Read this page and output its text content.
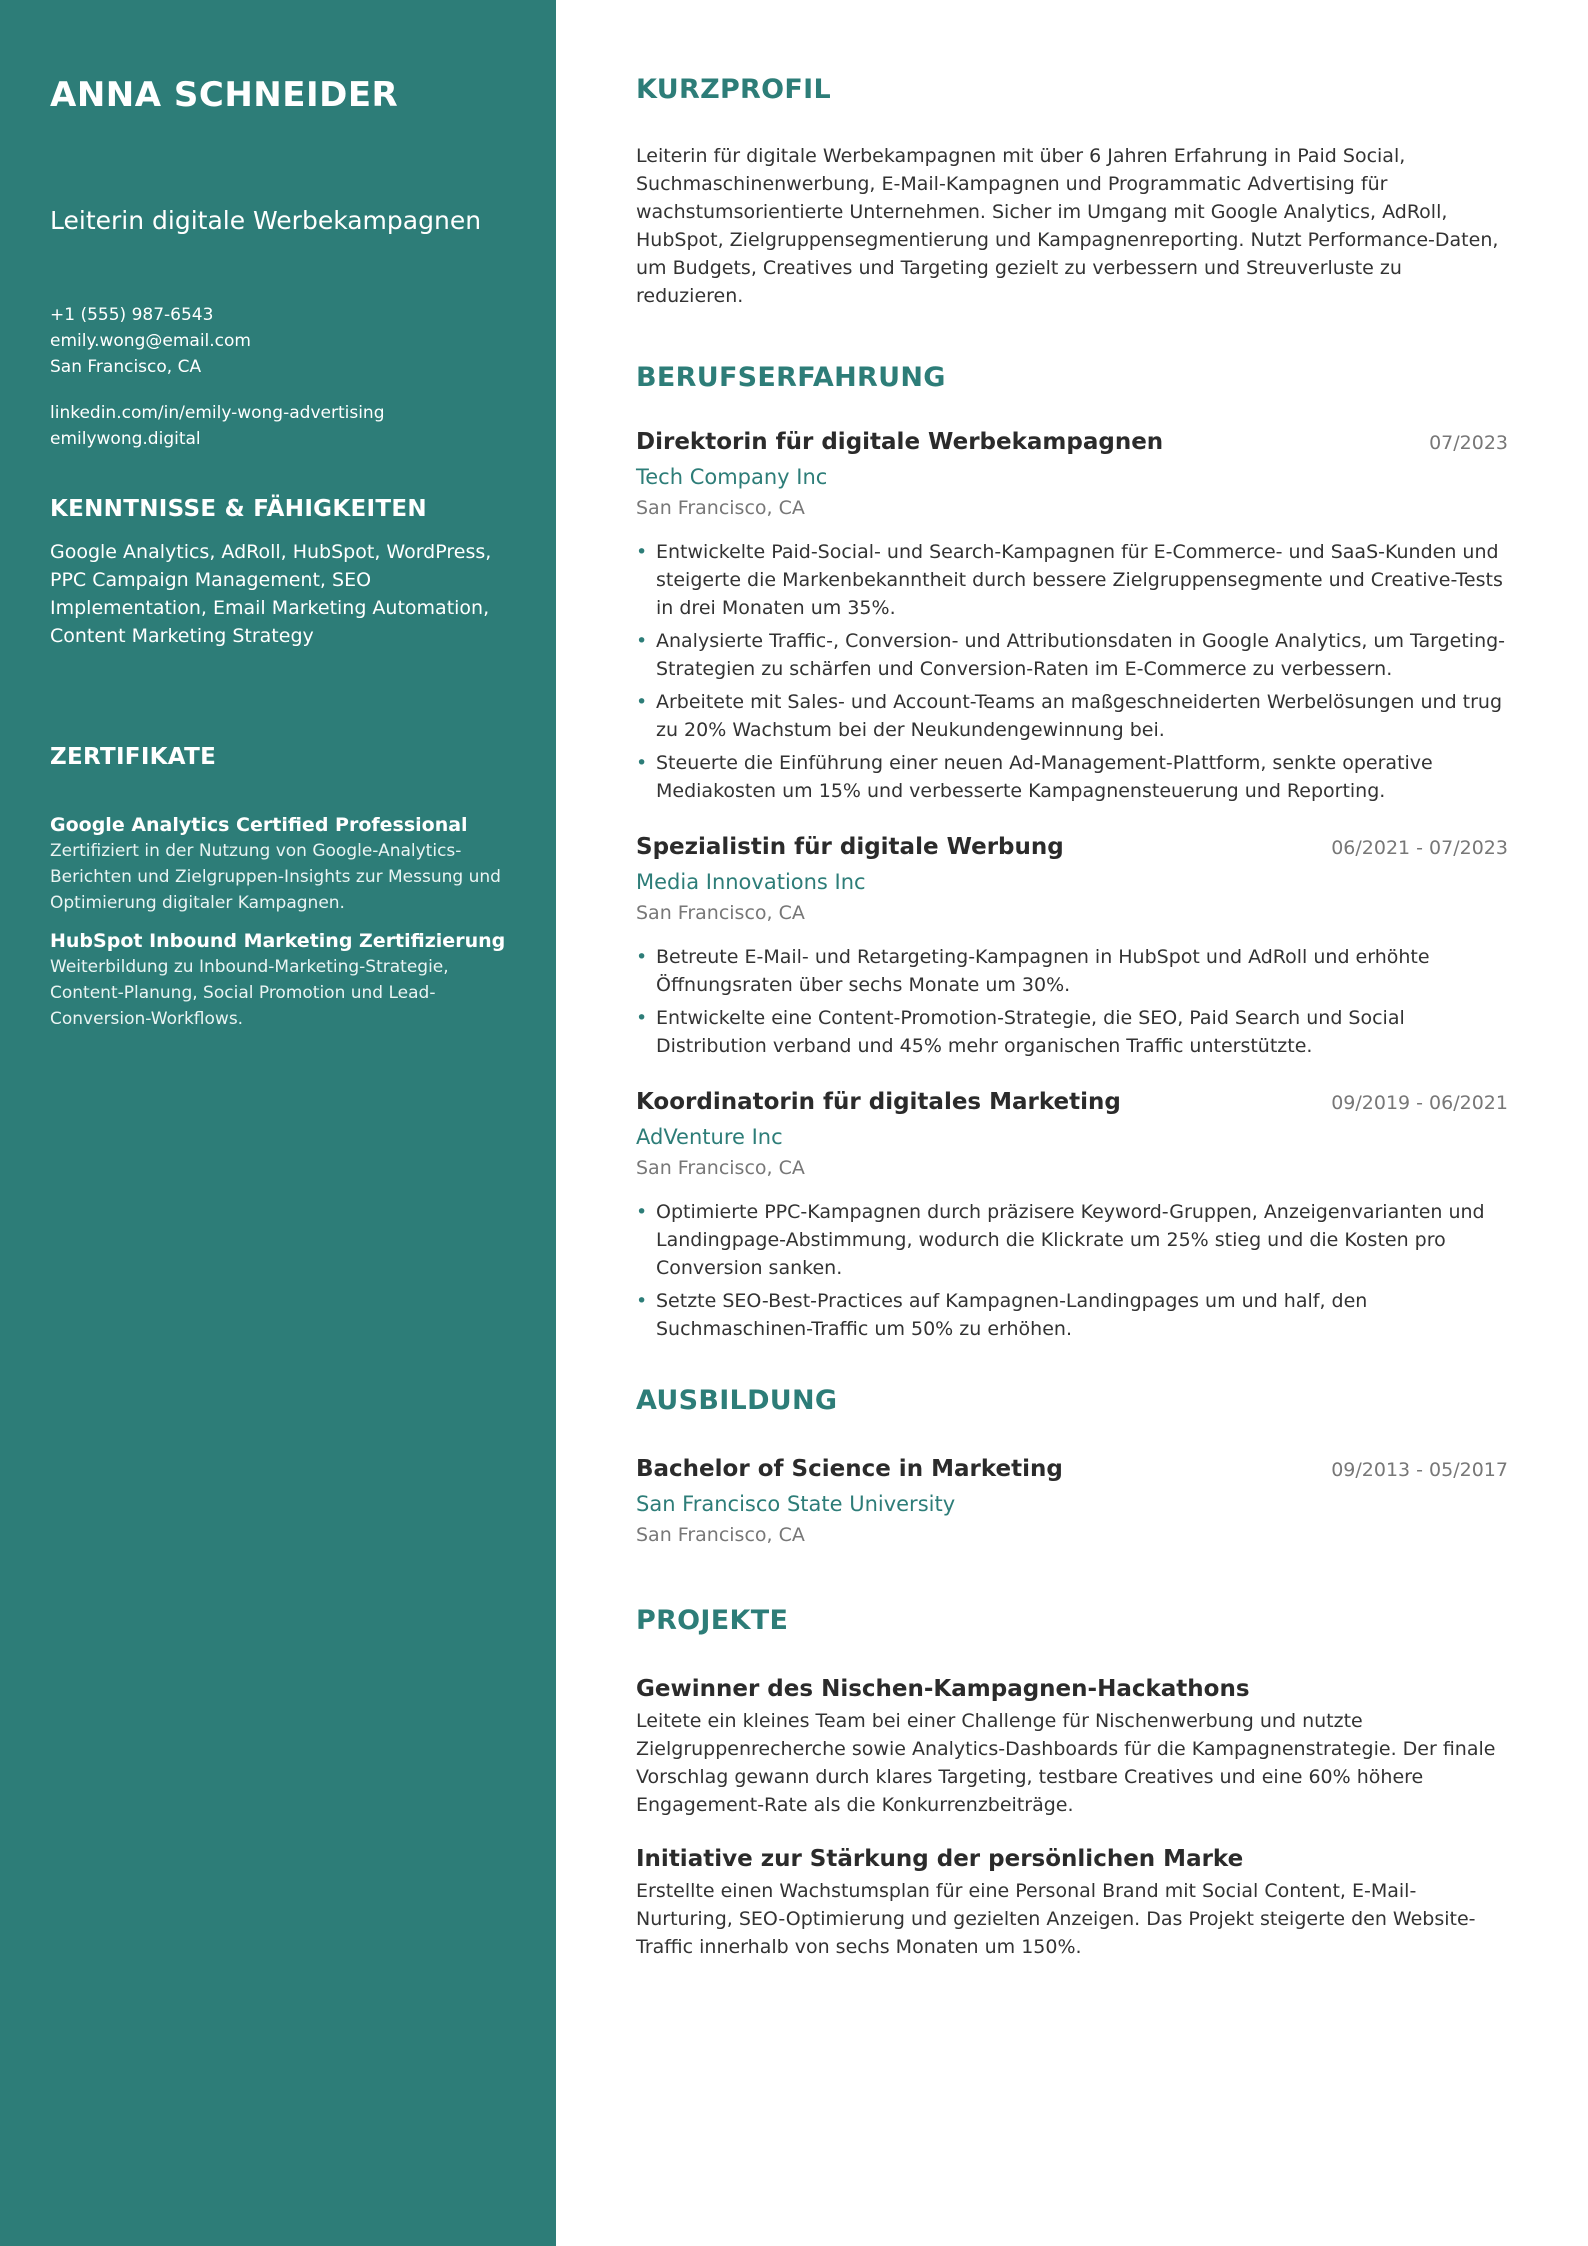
ANNA SCHNEIDER
Leiterin digitale Werbekampagnen
+1 (555) 987-6543
emily.wong@email.com
San Francisco, CA
linkedin.com/in/emily-wong-advertising
emilywong.digital
KENNTNISSE & FÄHIGKEITEN
Google Analytics, AdRoll, HubSpot, WordPress, PPC Campaign Management, SEO Implementation, Email Marketing Automation, Content Marketing Strategy
ZERTIFIKATE
Google Analytics Certified Professional
Zertifiziert in der Nutzung von Google-Analytics-Berichten und Zielgruppen-Insights zur Messung und Optimierung digitaler Kampagnen.
HubSpot Inbound Marketing Zertifizierung
Weiterbildung zu Inbound-Marketing-Strategie, Content-Planung, Social Promotion und Lead-Conversion-Workflows.
KURZPROFIL

Leiterin für digitale Werbekampagnen mit über 6 Jahren Erfahrung in Paid Social, Suchmaschinenwerbung, E-Mail-Kampagnen und Programmatic Advertising für wachstumsorientierte Unternehmen. Sicher im Umgang mit Google Analytics, AdRoll, HubSpot, Zielgruppensegmentierung und Kampagnenreporting. Nutzt Performance-Daten, um Budgets, Creatives und Targeting gezielt zu verbessern und Streuverluste zu reduzieren.

BERUFSERFAHRUNG
Direktorin für digitale Werbekampagnen	07/2023
Tech Company Inc
San Francisco, CA
• Entwickelte Paid-Social- und Search-Kampagnen für E-Commerce- und SaaS-Kunden und steigerte die Markenbekanntheit durch bessere Zielgruppensegmente und Creative-Tests in drei Monaten um 35%.
• Analysierte Traffic-, Conversion- und Attributionsdaten in Google Analytics, um Targeting-Strategien zu schärfen und Conversion-Raten im E-Commerce zu verbessern.
• Arbeitete mit Sales- und Account-Teams an maßgeschneiderten Werbelösungen und trug zu 20% Wachstum bei der Neukundengewinnung bei.
• Steuerte die Einführung einer neuen Ad-Management-Plattform, senkte operative Mediakosten um 15% und verbesserte Kampagnensteuerung und Reporting.
Spezialistin für digitale Werbung	06/2021 - 07/2023
Media Innovations Inc
San Francisco, CA
• Betreute E-Mail- und Retargeting-Kampagnen in HubSpot und AdRoll und erhöhte Öffnungsraten über sechs Monate um 30%.
• Entwickelte eine Content-Promotion-Strategie, die SEO, Paid Search und Social Distribution verband und 45% mehr organischen Traffic unterstützte.
Koordinatorin für digitales Marketing	09/2019 - 06/2021
AdVenture Inc
San Francisco, CA
• Optimierte PPC-Kampagnen durch präzisere Keyword-Gruppen, Anzeigenvarianten und Landingpage-Abstimmung, wodurch die Klickrate um 25% stieg und die Kosten pro Conversion sanken.
• Setzte SEO-Best-Practices auf Kampagnen-Landingpages um und half, den Suchmaschinen-Traffic um 50% zu erhöhen.
AUSBILDUNG
Bachelor of Science in Marketing	09/2013 - 05/2017
San Francisco State University
San Francisco, CA
PROJEKTE
Gewinner des Nischen-Kampagnen-Hackathons
Leitete ein kleines Team bei einer Challenge für Nischenwerbung und nutzte Zielgruppenrecherche sowie Analytics-Dashboards für die Kampagnenstrategie. Der finale Vorschlag gewann durch klares Targeting, testbare Creatives und eine 60% höhere Engagement-Rate als die Konkurrenzbeiträge.
Initiative zur Stärkung der persönlichen Marke
Erstellte einen Wachstumsplan für eine Personal Brand mit Social Content, E-Mail-Nurturing, SEO-Optimierung und gezielten Anzeigen. Das Projekt steigerte den Website-Traffic innerhalb von sechs Monaten um 150%.
